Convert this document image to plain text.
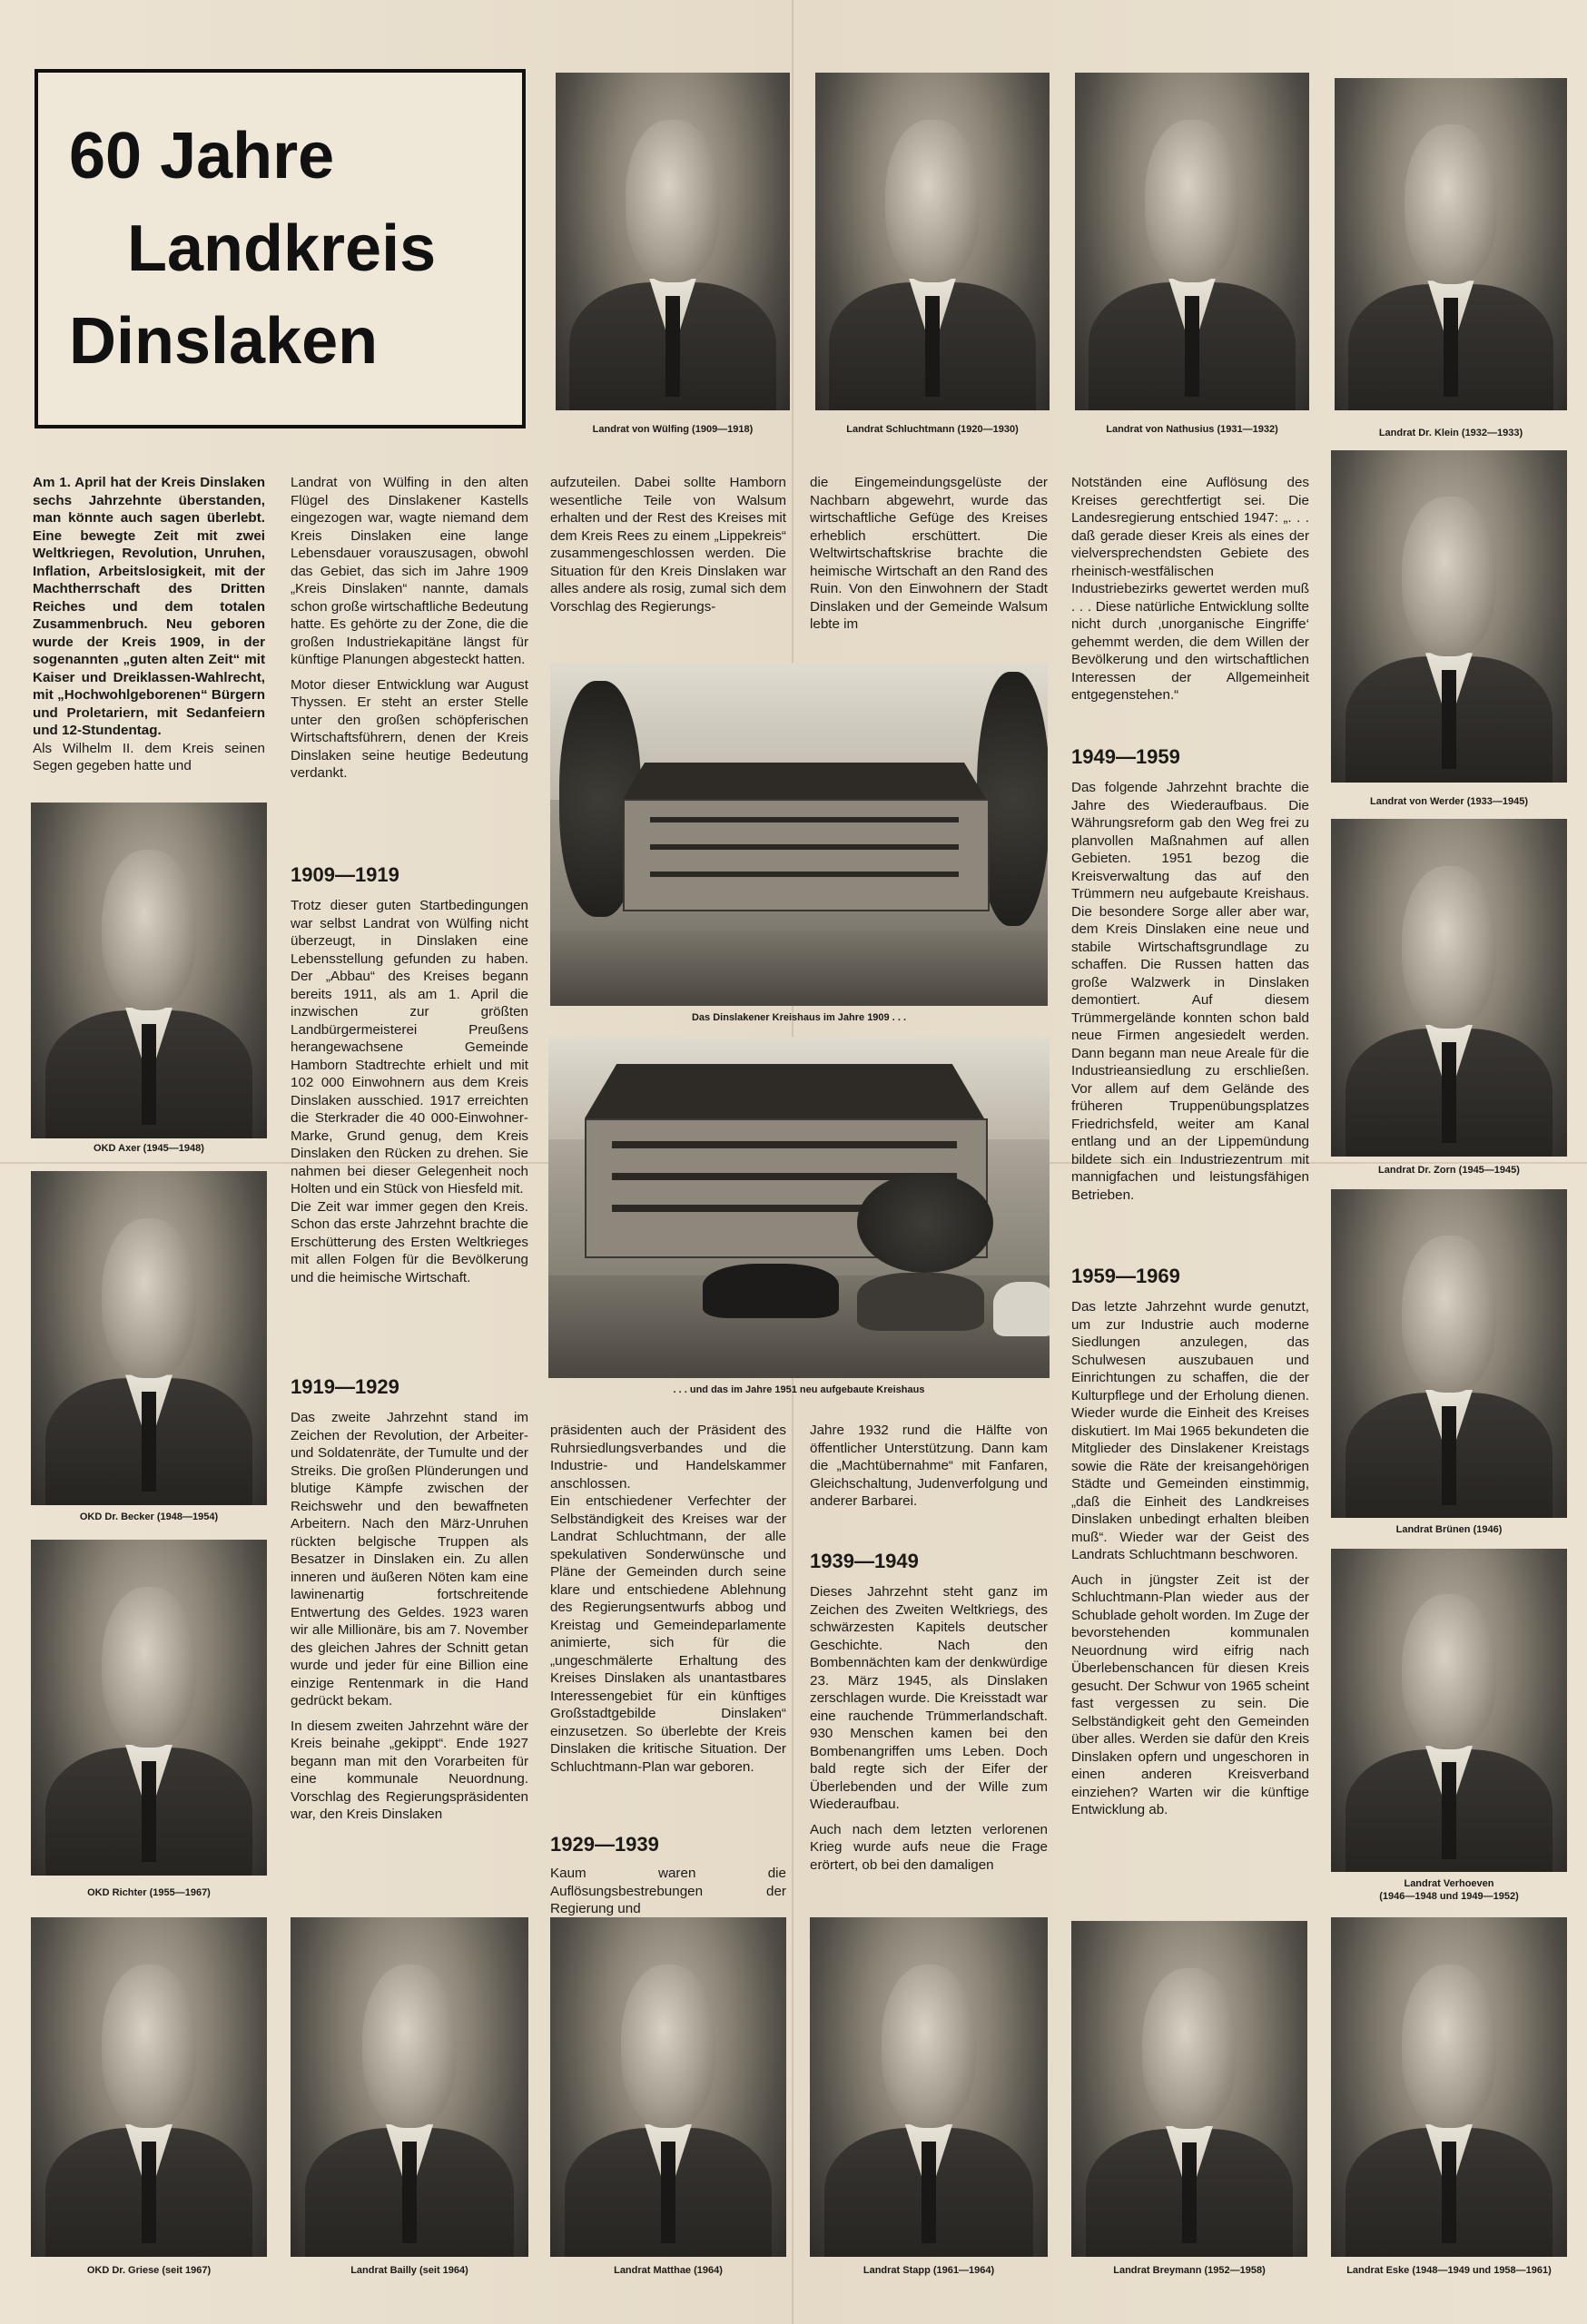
60 Jahre
Landkreis
Dinslaken
Landrat von Wülfing (1909—1918)	Landrat Schluchtmann (1920—1930)	Landrat von Nathusius (1931—1932)	Landrat Dr. Klein (1932—1933)
Landrat von Werder (1933—1945)
Landrat Dr. Zorn (1945—1945)
Landrat Brünen (1946)
Landrat Verhoeven
(1946—1948 und 1949—1952)
OKD Axer (1945—1948)
OKD Dr. Becker (1948—1954)
OKD Richter (1955—1967)
OKD Dr. Griese (seit 1967)	Landrat Bailly (seit 1964)	Landrat Matthae (1964)	Landrat Stapp (1961—1964)	Landrat Breymann (1952—1958)	Landrat Eske (1948—1949 und 1958—1961)
Das Dinslakener Kreishaus im Jahre 1909 . . .
. . . und das im Jahre 1951 neu aufgebaute Kreishaus

Am 1. April hat der Kreis Dinslaken sechs Jahrzehnte überstanden, man könnte auch sagen überlebt. Eine bewegte Zeit mit zwei Weltkriegen, Revolution, Unruhen, Inflation, Arbeitslosigkeit, mit der Machtherrschaft des Dritten Reiches und dem totalen Zusammenbruch. Neu geboren wurde der Kreis 1909, in der sogenannten „guten alten Zeit“ mit Kaiser und Dreiklassen-Wahlrecht, mit „Hochwohlgeborenen“ Bürgern und Proletariern, mit Sedanfeiern und 12-Stundentag.

Als Wilhelm II. dem Kreis seinen Segen gegeben hatte und

Landrat von Wülfing in den alten Flügel des Dinslakener Kastells eingezogen war, wagte niemand dem Kreis Dinslaken eine lange Lebensdauer vorauszusagen, obwohl das Gebiet, das sich im Jahre 1909 „Kreis Dinslaken“ nannte, damals schon große wirtschaftliche Bedeutung hatte. Es gehörte zu der Zone, die die großen Industriekapitäne längst für künftige Planungen abgesteckt hatten.

Motor dieser Entwicklung war August Thyssen. Er steht an erster Stelle unter den großen schöpferischen Wirtschaftsführern, denen der Kreis Dinslaken seine heutige Bedeutung verdankt.

1909—1919

Trotz dieser guten Startbedingungen war selbst Landrat von Wülfing nicht überzeugt, in Dinslaken eine Lebensstellung gefunden zu haben. Der „Abbau“ des Kreises begann bereits 1911, als am 1. April die inzwischen zur größten Landbürgermeisterei Preußens herangewachsene Gemeinde Hamborn Stadtrechte erhielt und mit 102 000 Einwohnern aus dem Kreis Dinslaken ausschied. 1917 erreichten die Sterkrader die 40 000-Einwohner-Marke, Grund genug, dem Kreis Dinslaken den Rücken zu drehen. Sie nahmen bei dieser Gelegenheit noch Holten und ein Stück von Hiesfeld mit.

Die Zeit war immer gegen den Kreis. Schon das erste Jahrzehnt brachte die Erschütterung des Ersten Weltkrieges mit allen Folgen für die Bevölkerung und die heimische Wirtschaft.

1919—1929

Das zweite Jahrzehnt stand im Zeichen der Revolution, der Arbeiter- und Soldatenräte, der Tumulte und der Streiks. Die großen Plünderungen und blutige Kämpfe zwischen der Reichswehr und den bewaffneten Arbeitern. Nach den März-Unruhen rückten belgische Truppen als Besatzer in Dinslaken ein. Zu allen inneren und äußeren Nöten kam eine lawinenartig fortschreitende Entwertung des Geldes. 1923 waren wir alle Millionäre, bis am 7. November des gleichen Jahres der Schnitt getan wurde und jeder für eine Billion eine einzige Rentenmark in die Hand gedrückt bekam.

In diesem zweiten Jahrzehnt wäre der Kreis beinahe „gekippt“. Ende 1927 begann man mit den Vorarbeiten für eine kommunale Neuordnung. Vorschlag des Regierungspräsidenten war, den Kreis Dinslaken

aufzuteilen. Dabei sollte Hamborn wesentliche Teile von Walsum erhalten und der Rest des Kreises mit dem Kreis Rees zu einem „Lippekreis“ zusammengeschlossen werden. Die Situation für den Kreis Dinslaken war alles andere als rosig, zumal sich dem Vorschlag des Regierungs-

die Eingemeindungsgelüste der Nachbarn abgewehrt, wurde das wirtschaftliche Gefüge des Kreises erheblich erschüttert. Die Weltwirtschaftskrise brachte die heimische Wirtschaft an den Rand des Ruin. Von den Einwohnern der Stadt Dinslaken und der Gemeinde Walsum lebte im

präsidenten auch der Präsident des Ruhrsiedlungsverbandes und die Industrie- und Handelskammer anschlossen.

Ein entschiedener Verfechter der Selbständigkeit des Kreises war der Landrat Schluchtmann, der alle spekulativen Sonderwünsche und Pläne der Gemeinden durch seine klare und entschiedene Ablehnung des Regierungsentwurfs abbog und Kreistag und Gemeindeparlamente animierte, sich für die „ungeschmälerte Erhaltung des Kreises Dinslaken als unantastbares Interessengebiet für ein künftiges Großstadtgebilde Dinslaken“ einzusetzen. So überlebte der Kreis Dinslaken die kritische Situation. Der Schluchtmann-Plan war geboren.

1929—1939

Kaum waren die Auflösungsbestrebungen der Regierung und

Jahre 1932 rund die Hälfte von öffentlicher Unterstützung. Dann kam die „Machtübernahme“ mit Fanfaren, Gleichschaltung, Judenverfolgung und anderer Barbarei.

1939—1949

Dieses Jahrzehnt steht ganz im Zeichen des Zweiten Weltkriegs, des schwärzesten Kapitels deutscher Geschichte. Nach den Bombennächten kam der denkwürdige 23. März 1945, als Dinslaken zerschlagen wurde. Die Kreisstadt war eine rauchende Trümmerlandschaft. 930 Menschen kamen bei den Bombenangriffen ums Leben. Doch bald regte sich der Eifer der Überlebenden und der Wille zum Wiederaufbau.

Auch nach dem letzten verlorenen Krieg wurde aufs neue die Frage erörtert, ob bei den damaligen

Notständen eine Auflösung des Kreises gerechtfertigt sei. Die Landesregierung entschied 1947: „. . . daß gerade dieser Kreis als eines der vielversprechendsten Gebiete des rheinisch-westfälischen Industriebezirks gewertet werden muß . . . Diese natürliche Entwicklung sollte nicht durch ‚unorganische Eingriffe‘ gehemmt werden, die dem Willen der Bevölkerung und den wirtschaftlichen Interessen der Allgemeinheit entgegenstehen.“

1949—1959

Das folgende Jahrzehnt brachte die Jahre des Wiederaufbaus. Die Währungsreform gab den Weg frei zu planvollen Maßnahmen auf allen Gebieten. 1951 bezog die Kreisverwaltung das auf den Trümmern neu aufgebaute Kreishaus. Die besondere Sorge aller aber war, dem Kreis Dinslaken eine neue und stabile Wirtschaftsgrundlage zu schaffen. Die Russen hatten das große Walzwerk in Dinslaken demontiert. Auf diesem Trümmergelände konnten schon bald neue Firmen angesiedelt werden. Dann begann man neue Areale für die Industrieansiedlung zu erschließen. Vor allem auf dem Gelände des früheren Truppenübungsplatzes Friedrichsfeld, weiter am Kanal entlang und an der Lippemündung bildete sich ein Industriezentrum mit mannigfachen und leistungsfähigen Betrieben.

1959—1969

Das letzte Jahrzehnt wurde genutzt, um zur Industrie auch moderne Siedlungen anzulegen, das Schulwesen auszubauen und Einrichtungen zu schaffen, die der Kulturpflege und der Erholung dienen. Wieder wurde die Einheit des Kreises diskutiert. Im Mai 1965 bekundeten die Mitglieder des Dinslakener Kreistags sowie die Räte der kreisangehörigen Städte und Gemeinden einstimmig, „daß die Einheit des Landkreises Dinslaken unbedingt erhalten bleiben muß“. Wieder war der Geist des Landrats Schluchtmann beschworen.

Auch in jüngster Zeit ist der Schluchtmann-Plan wieder aus der Schublade geholt worden. Im Zuge der bevorstehenden kommunalen Neuordnung wird eifrig nach Überlebenschancen für diesen Kreis gesucht. Der Schwur von 1965 scheint fast vergessen zu sein. Die Selbständigkeit geht den Gemeinden über alles. Werden sie dafür den Kreis Dinslaken opfern und ungeschoren in einen anderen Kreisverband einziehen? Warten wir die künftige Entwicklung ab.
